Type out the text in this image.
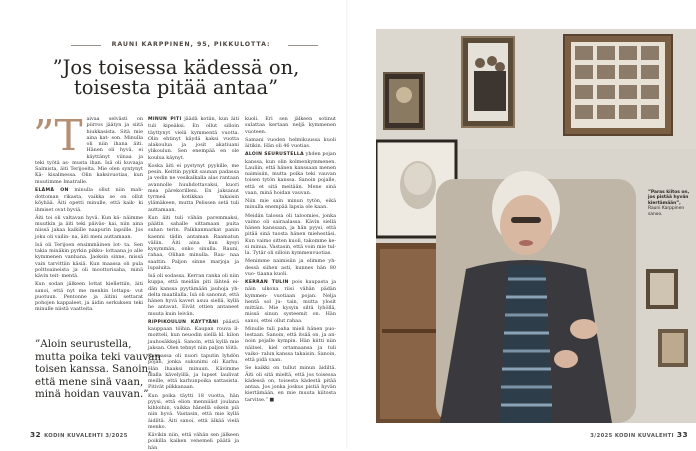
RAUNI KARPPINEN, 95, PIKKULOTTA:
”Jos toisessa kädessä on,
toisesta pitää antaa”

”T aivaa selvästi on piirros jäätyn ja siitä hiukkasista. Sitä mie aina kat- son. Minulla oli niin ihana äiti. Hänen oli hyvä, ei käyttänyt viinaa ja teki työtä as- musta ihan. Isä oli kuvaaja Salmista, äiti Terijoelta. Mie olen syntynyt Kä- kisalmessa. Olin kaksivuotias, kun muutimme Imatralle.

ELÄMÄ ON minulla ollut niin mah- dottoman rikasta, vaikka se on ollut köyhää. Äiti opetti minulle, että kaik- ki ihmiset ovat hyviä.

Äiti toi oli valtavan hyvä. Kun kä- näimme muutkin ja äiti teki päiväs- kai, niin aina niissä jakaa kaikille naapurin lapsille. Jos joku oli vailin- na, äiti meni auttamaan.

Isä oli Terijoen ensimmäinen lot- ta. Sen takia minäkin pyrkin pikku- lottaana jo alle kymmenen vanhana. Jaoksin sinne, missä vain tarvittiin käsiä. Kun maassa oli pula polttoaineista ja oli moottorisaha, minä kävin teit- mentä.

Kun sodan jälkeen lottat kiellettiin, äiti sanoi, että nyt me menkin lottapu- vut puotuun. Pentonne ja äitini settarat pohojen kappaleet, ja äidin serkuksen teki minulle niistä vaatteita.

”Aloin seurustella,
mutta poika teki vauvan
toisen kanssa. Sanoin,
että mene sinä vaan,
minä hoidan vauvan.”

MINUN PITI jäädä kotiin, kun äiti tuli kipeäksi. En ollut silloin täyttynyt vielä kymmentä vuotta. Olin ehtinyt käydä kaksi vuotta alakoulua ja josit akatiuani ylikoulun. Sen enempää en ole koulua käynyt.

Koska äiti ei pystynyt pyykille, me pesin. Keittin pyykit saunan padassa ja vedin ne vesikalkalla alas rantaan avannolle huuhdottavaksi, kuori mea pärekorilleni. En jaksanut tyrmeä kotikkaa takaisin ylämäkeen, mutta Pelissen setä tuli auttamaan.

Kun äiti tuli vähän paremmaksi, päätin sahalle sittamaan puita suhan terin. Palkkanmarkat panin kaenni tädin antaman Raamatun väliin. Äiti aina kun kysyi kysymmän, onko sinulla. Rauni, rahaa, Olihan minulla. Rau- naa saattin. Paljon sinne marjoja ja lupaluita.

Isä oli sodassa. Kerran ranka oli niin kuppa, että meidän piti lähteä ei- dän kanssa pyytämään jauhoja yh- delta maatilalla. Isä oli sanonut, että hänen hyvä kaveri asuu siellä, kyllä he antavat. Eivät ottien antaneet muuta kuin leivän.

RIPPIKOULUN KÄYTYÄNI päästä kauppaan töihin. Kaupan rouva il- moitteli, kun neuodin siellä kl. kilon jauhosäkkejä. Sanoin, että kyllä mie jaksan. Olen tehnyt niin paljon töitä.

Kaupassa oli nuori taputin lyhdön pojan, jonka sukunimi oli Karhu. Hän lhaaksi minuun. Kävimme illalla kävelyillä, ja lupset laulivat meille, että karhunpoika sattasista. Pitivät pilkkanaan.

Kun poika täytti 18 vuotta, hän pyysi, että elion menniiäst joulana kihloihin, vaikka hänellä oikein piä niin hyvä. Vastasin, että mie kyllä äidiltä. Äiti sanoi, että älkää vielä menko.

Kävikin niin, että vähän sen jälkeen poikilla kaiken venemeli päätä ja hän

kuoli. Eri sen jälkeen sotinut sulattaa kertaan neljä kymmenen vuoteen.

Samani vuoden helmikuussa kuoli äitikin. Hän oli 46 vuotias.

ALOIN SEURUSTELLA yhden pojan kanssa, kun olin kolmenkymmenen. Lauliin, että hänen kanssaan menen naimisiin, mutta poika teki vauvan toisen tytön kanssa. Sanoin pojalle, että et sitä meitään. Mene sinä vaan, minä hoidan vauvan.

Niin mie sain minun tytön, eikä minulla enempää lapsia ole kaan.

Meidän talossa oli taloomies, jonka vaimo oli sairaalassa. Kävin siellä hänen kanssaan, ja hän pyysi, että pitää sinä tuosta hänen miehestäsi. Kun vaimo sitten kuoli, takomme ke- si minua. Vastasin, että voin mie tul- la. Tytär oli silloin kymmenvuotias.

Menimme naimisiin ja elimme yh- dessä siihen asti, kunnes hän 80 vuo- tiaana kuoli.

KERRAN TULIN pois kaupasta ja näin ulkona riisi vähän pädän kymmen- vuotiaan pojan. Nelja hentä sol ju- tain, mutta ylosit mittäin. Mie kysyin siltä lyhöllä, missä sinun systeemit on. Hän sanoi, ettei ollut rahaa.

Minulle tuli paha mieli hänen puo- lestaan. Sanoin, että itsää on, ja an- noin pojalle kympin. Hän kiitti niin näitsei, kiel ortamaansa ja tuli vaiko- ralun kanssa takaisin. Sanoin, että pidä vaan.

Se kaikki on tullut minun äidiltä. Äiti oli sitä mieltä, että jos toisessa kädessä on, toisesta kädestä pitää antaa. Jos jonka joskus pistiä hyvän kiertämään, en mie muuta kiitosta tarvitse.” ■

32 KODIN KUVALEHTI 3/2025	3/2025 KODIN KUVALEHTI 33
”Paras kiitos on, jos pistää hyvän kiertämään”, Rauni Karppinen sanoo.
